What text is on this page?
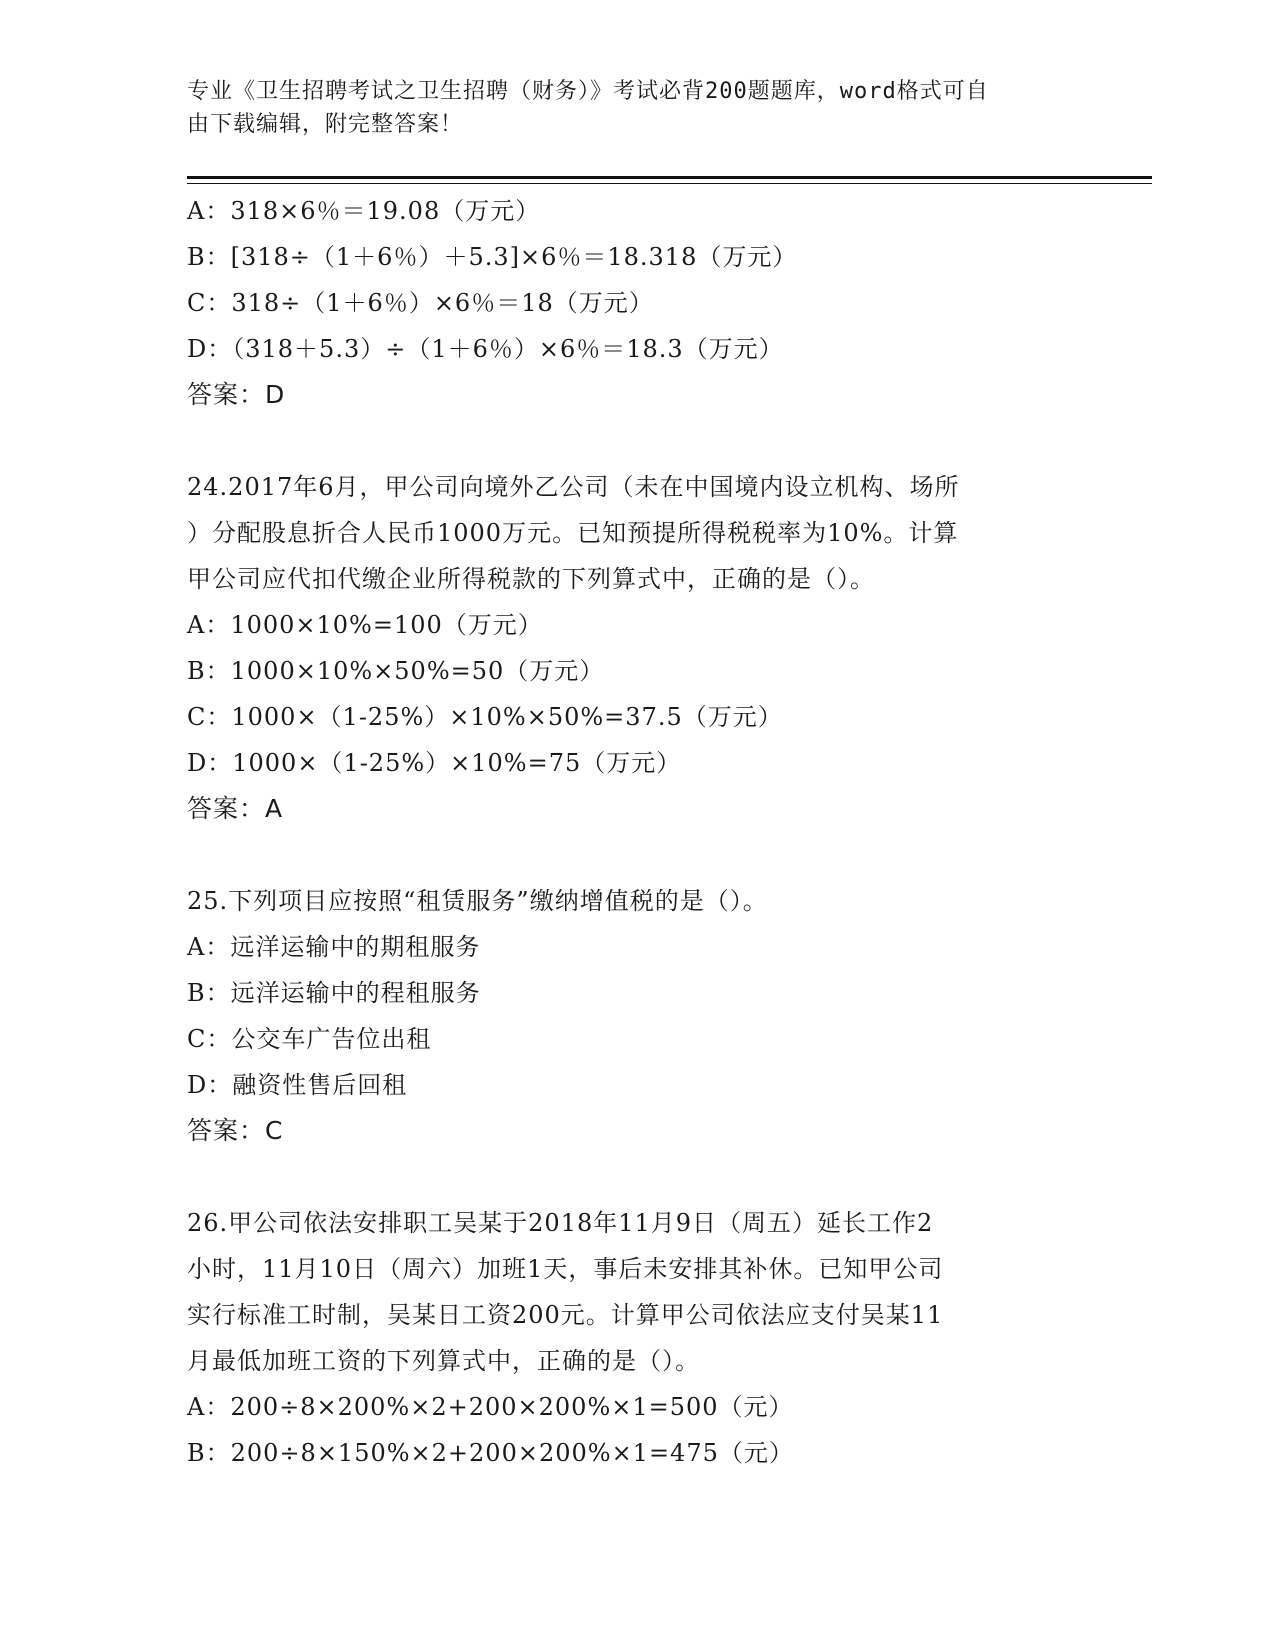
专业《卫生招聘考试之卫生招聘（财务）》考试必背200题题库，word格式可自
由下载编辑，附完整答案！
A：318×6％＝19.08（万元）
B：[318÷（1＋6％）＋5.3]×6％＝18.318（万元）
C：318÷（1＋6％）×6％＝18（万元）
D：（318＋5.3）÷（1＋6％）×6％＝18.3（万元）
答案：D
24.2017年6月，甲公司向境外乙公司（未在中国境内设立机构、场所
）分配股息折合人民币1000万元。已知预提所得税税率为10%。计算
甲公司应代扣代缴企业所得税款的下列算式中，正确的是（）。
A：1000×10%=100（万元）
B：1000×10%×50%=50（万元）
C：1000×（1-25%）×10%×50%=37.5（万元）
D：1000×（1-25%）×10%=75（万元）
答案：A
25.下列项目应按照“租赁服务”缴纳增值税的是（）。
A：远洋运输中的期租服务
B：远洋运输中的程租服务
C：公交车广告位出租
D：融资性售后回租
答案：C
26.甲公司依法安排职工吴某于2018年11月9日（周五）延长工作2
小时，11月10日（周六）加班1天，事后未安排其补休。已知甲公司
实行标准工时制，吴某日工资200元。计算甲公司依法应支付吴某11
月最低加班工资的下列算式中，正确的是（）。
A：200÷8×200%×2+200×200%×1=500（元）
B：200÷8×150%×2+200×200%×1=475（元）
